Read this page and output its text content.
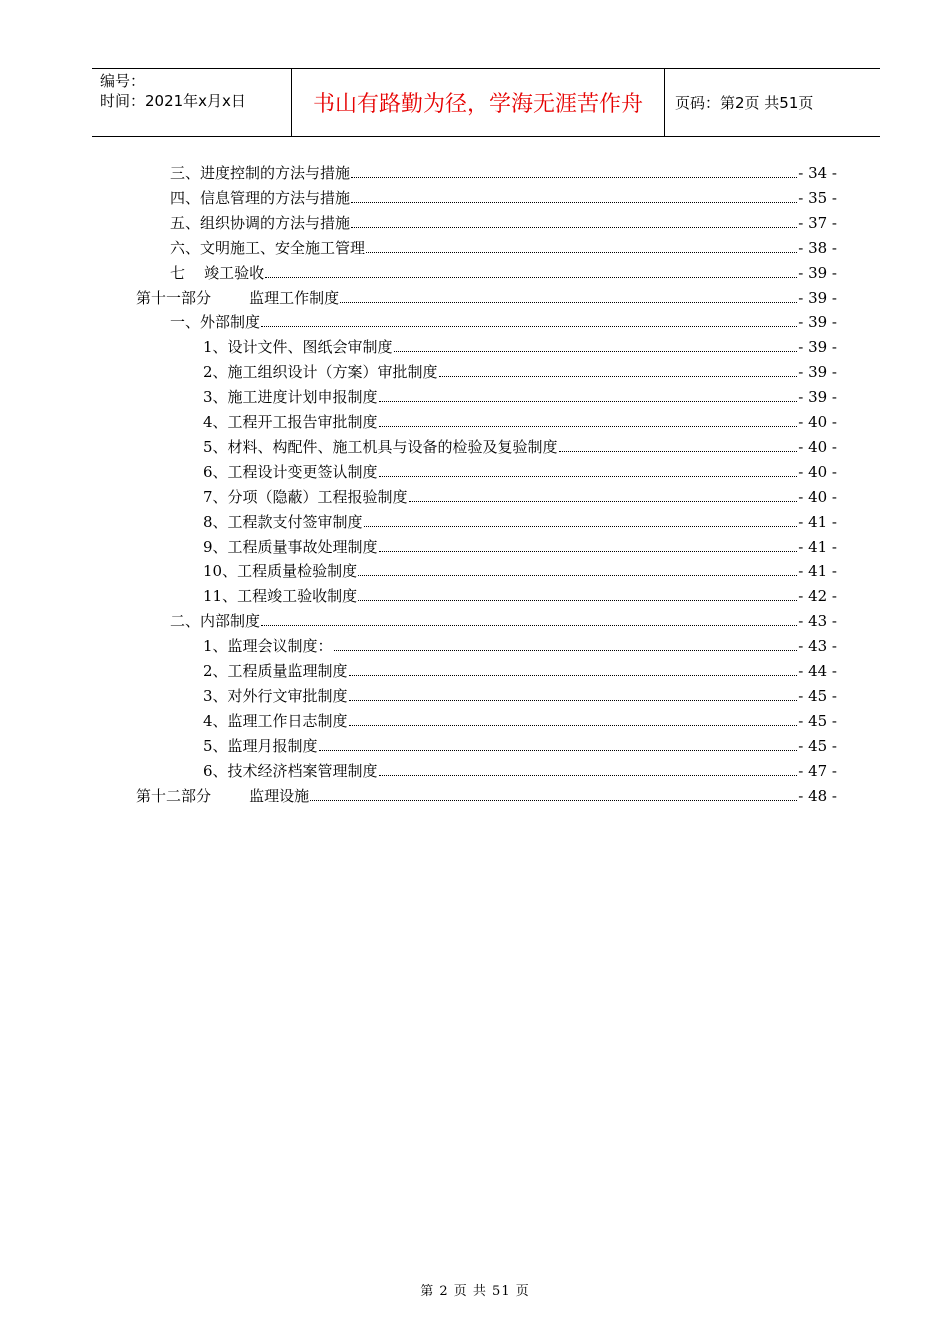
编号：
时间：2021年x月x日	书山有路勤为径，学海无涯苦作舟	页码：第2页 共51页
三、进度控制的方法与措施	- 34 -
四、信息管理的方法与措施	- 35 -
五、组织协调的方法与措施	- 37 -
六、文明施工、安全施工管理	- 38 -
七    竣工验收	- 39 -
第十一部分        监理工作制度	- 39 -
一、外部制度	- 39 -
1、设计文件、图纸会审制度	- 39 -
2、施工组织设计（方案）审批制度	- 39 -
3、施工进度计划申报制度	- 39 -
4、工程开工报告审批制度	- 40 -
5、材料、构配件、施工机具与设备的检验及复验制度	- 40 -
6、工程设计变更签认制度	- 40 -
7、分项（隐蔽）工程报验制度	- 40 -
8、工程款支付签审制度	- 41 -
9、工程质量事故处理制度	- 41 -
10、工程质量检验制度	- 41 -
11、工程竣工验收制度	- 42 -
二、内部制度	- 43 -
1、监理会议制度：	- 43 -
2、工程质量监理制度	- 44 -
3、对外行文审批制度	- 45 -
4、监理工作日志制度	- 45 -
5、监理月报制度	- 45 -
6、技术经济档案管理制度	- 47 -
第十二部分        监理设施	- 48 -
第 2 页 共 51 页
